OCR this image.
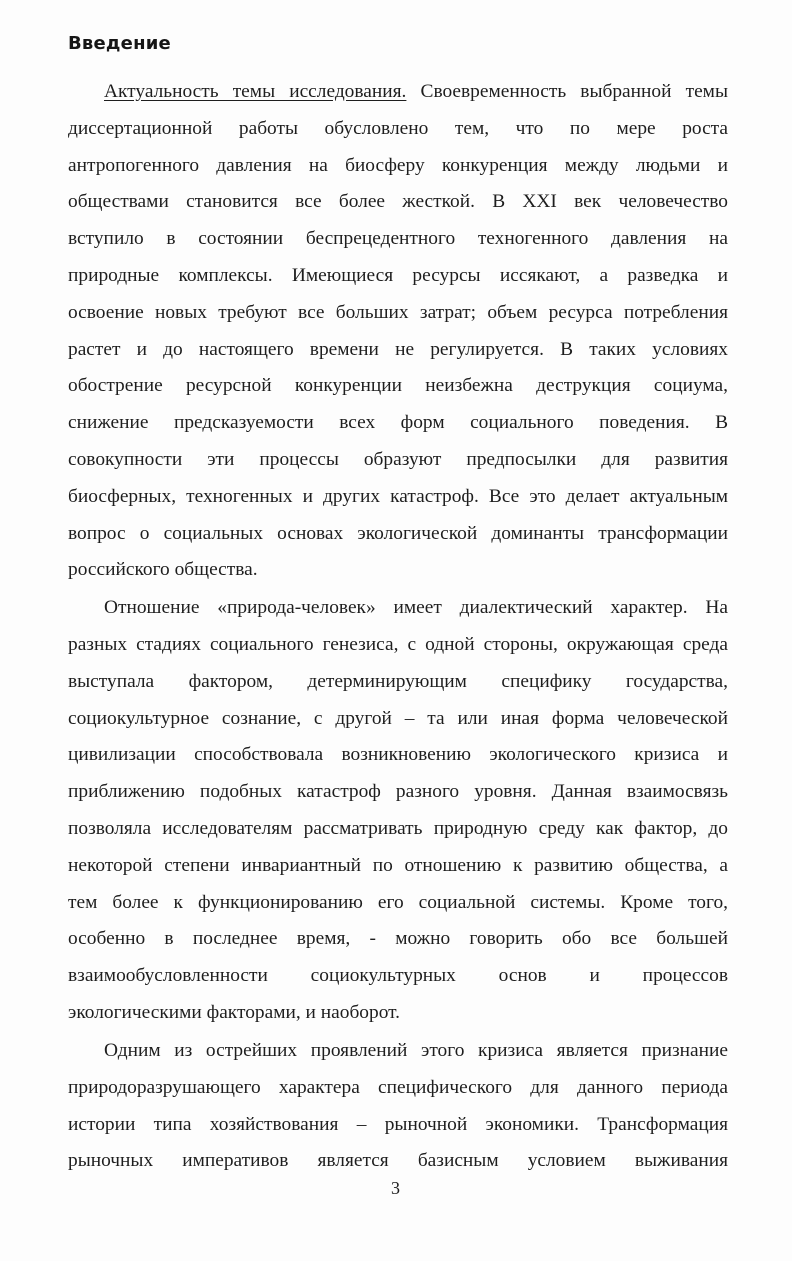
Введение
Актуальность темы исследования. Своевременность выбранной темы
диссертационной работы обусловлено тем, что по мере роста
антропогенного давления на биосферу конкуренция между людьми и
обществами становится все более жесткой. В XXI век человечество
вступило в состоянии беспрецедентного техногенного давления на
природные комплексы. Имеющиеся ресурсы иссякают, а разведка и
освоение новых требуют все больших затрат; объем ресурса потребления
растет и до настоящего времени не регулируется. В таких условиях
обострение ресурсной конкуренции неизбежна деструкция социума,
снижение предсказуемости всех форм социального поведения. В
совокупности эти процессы образуют предпосылки для развития
биосферных, техногенных и других катастроф. Все это делает актуальным
вопрос о социальных основах экологической доминанты трансформации
российского общества.
Отношение «природа-человек» имеет диалектический характер. На
разных стадиях социального генезиса, с одной стороны, окружающая среда
выступала фактором, детерминирующим специфику государства,
социокультурное сознание, с другой – та или иная форма человеческой
цивилизации способствовала возникновению экологического кризиса и
приближению подобных катастроф разного уровня. Данная взаимосвязь
позволяла исследователям рассматривать природную среду как фактор, до
некоторой степени инвариантный по отношению к развитию общества, а
тем более к функционированию его социальной системы. Кроме того,
особенно в последнее время, - можно говорить обо все большей
взаимообусловленности социокультурных основ и процессов
экологическими факторами, и наоборот.
Одним из острейших проявлений этого кризиса является признание
природоразрушающего характера специфического для данного периода
истории типа хозяйствования – рыночной экономики. Трансформация
рыночных императивов является базисным условием выживания
3
